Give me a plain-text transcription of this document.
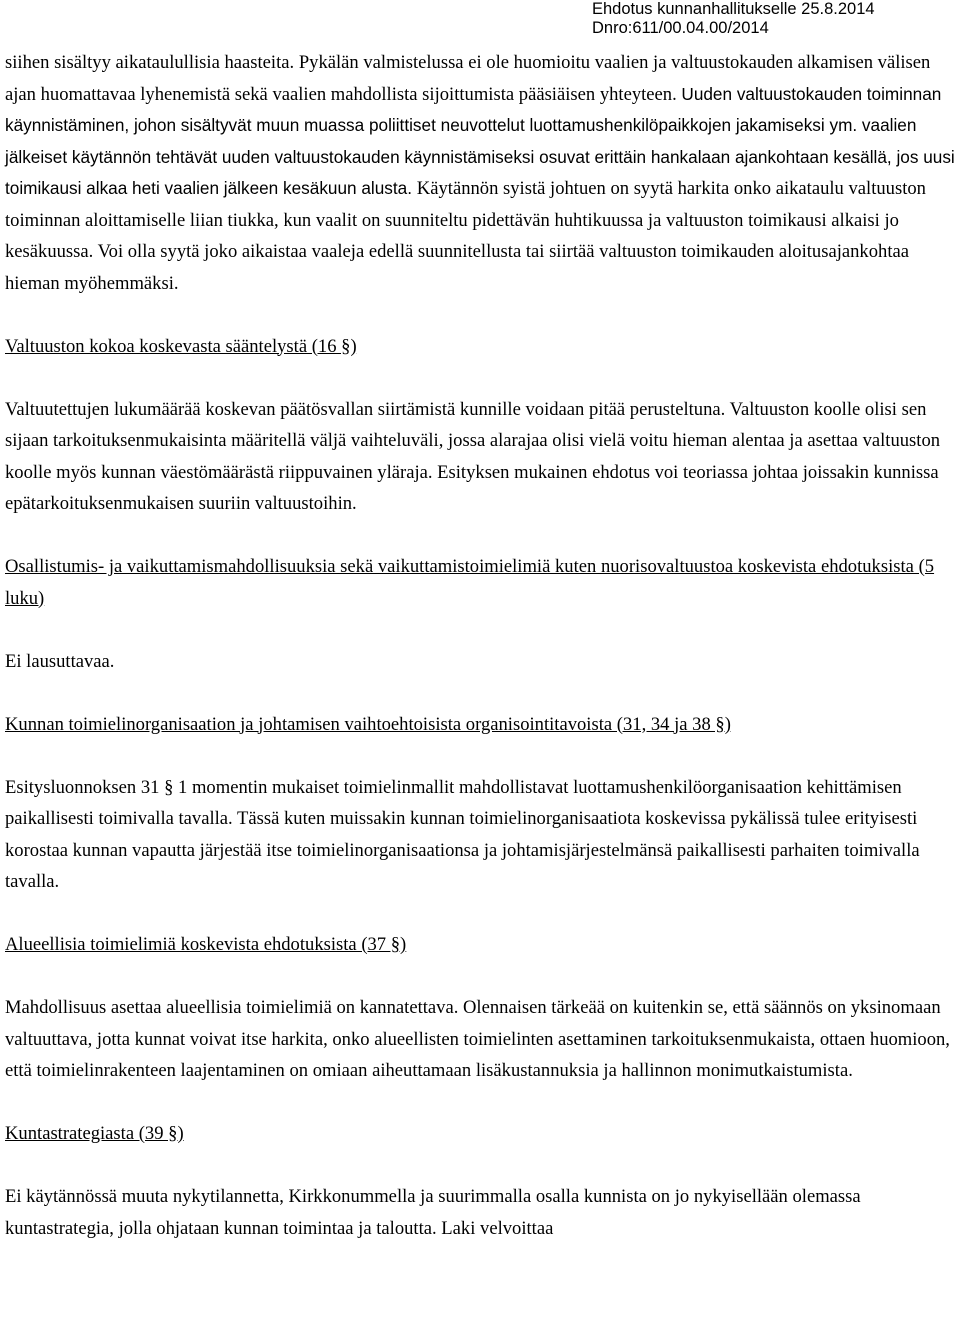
Ehdotus kunnanhallitukselle 25.8.2014
Dnro:611/00.04.00/2014

siihen sisältyy aikataulullisia haasteita. Pykälän valmistelussa ei ole huomioitu vaalien ja valtuustokauden alkamisen välisen ajan huomattavaa lyhenemistä sekä vaalien mahdollista sijoittumista pääsiäisen yhteyteen. Uuden valtuustokauden toiminnan käynnistäminen, johon sisältyvät muun muassa poliittiset neuvottelut luottamushenkilöpaikkojen jakamiseksi ym. vaalien jälkeiset käytännön tehtävät uuden valtuustokauden käynnistämiseksi osuvat erittäin hankalaan ajankohtaan kesällä, jos uusi toimikausi alkaa heti vaalien jälkeen kesäkuun alusta. Käytännön syistä johtuen on syytä harkita onko aikataulu valtuuston toiminnan aloittamiselle liian tiukka, kun vaalit on suunniteltu pidettävän huhtikuussa ja valtuuston toimikausi alkaisi jo kesäkuussa. Voi olla syytä joko aikaistaa vaaleja edellä suunnitellusta tai siirtää valtuuston toimikauden aloitusajankohtaa hieman myöhemmäksi.

Valtuuston kokoa koskevasta sääntelystä (16 §)

Valtuutettujen lukumäärää koskevan päätösvallan siirtämistä kunnille voidaan pitää perusteltuna. Valtuuston koolle olisi sen sijaan tarkoituksenmukaisinta määritellä väljä vaihteluväli, jossa alarajaa olisi vielä voitu hieman alentaa ja asettaa valtuuston koolle myös kunnan väestömäärästä riippuvainen yläraja. Esityksen mukainen ehdotus voi teoriassa johtaa joissakin kunnissa epätarkoituksenmukaisen suuriin valtuustoihin.

Osallistumis- ja vaikuttamismahdollisuuksia sekä vaikuttamistoimielimiä kuten nuorisovaltuustoa koskevista ehdotuksista (5 luku)

Ei lausuttavaa.

Kunnan toimielinorganisaation ja johtamisen vaihtoehtoisista organisointitavoista (31, 34 ja 38 §)

Esitysluonnoksen 31 § 1 momentin mukaiset toimielinmallit mahdollistavat luottamushenkilöorganisaation kehittämisen paikallisesti toimivalla tavalla. Tässä kuten muissakin kunnan toimielinorganisaatiota koskevissa pykälissä tulee erityisesti korostaa kunnan vapautta järjestää itse toimielinorganisaationsa ja johtamisjärjestelmänsä paikallisesti parhaiten toimivalla tavalla.

Alueellisia toimielimiä koskevista ehdotuksista (37 §)

Mahdollisuus asettaa alueellisia toimielimiä on kannatettava. Olennaisen tärkeää on kuitenkin se, että säännös on yksinomaan valtuuttava, jotta kunnat voivat itse harkita, onko alueellisten toimielinten asettaminen tarkoituksenmukaista, ottaen huomioon, että toimielinrakenteen laajentaminen on omiaan aiheuttamaan lisäkustannuksia ja hallinnon monimutkaistumista.

Kuntastrategiasta (39 §)

Ei käytännössä muuta nykytilannetta, Kirkkonummella ja suurimmalla osalla kunnista on jo nykyisellään olemassa kuntastrategia, jolla ohjataan kunnan toimintaa ja taloutta. Laki velvoittaa
